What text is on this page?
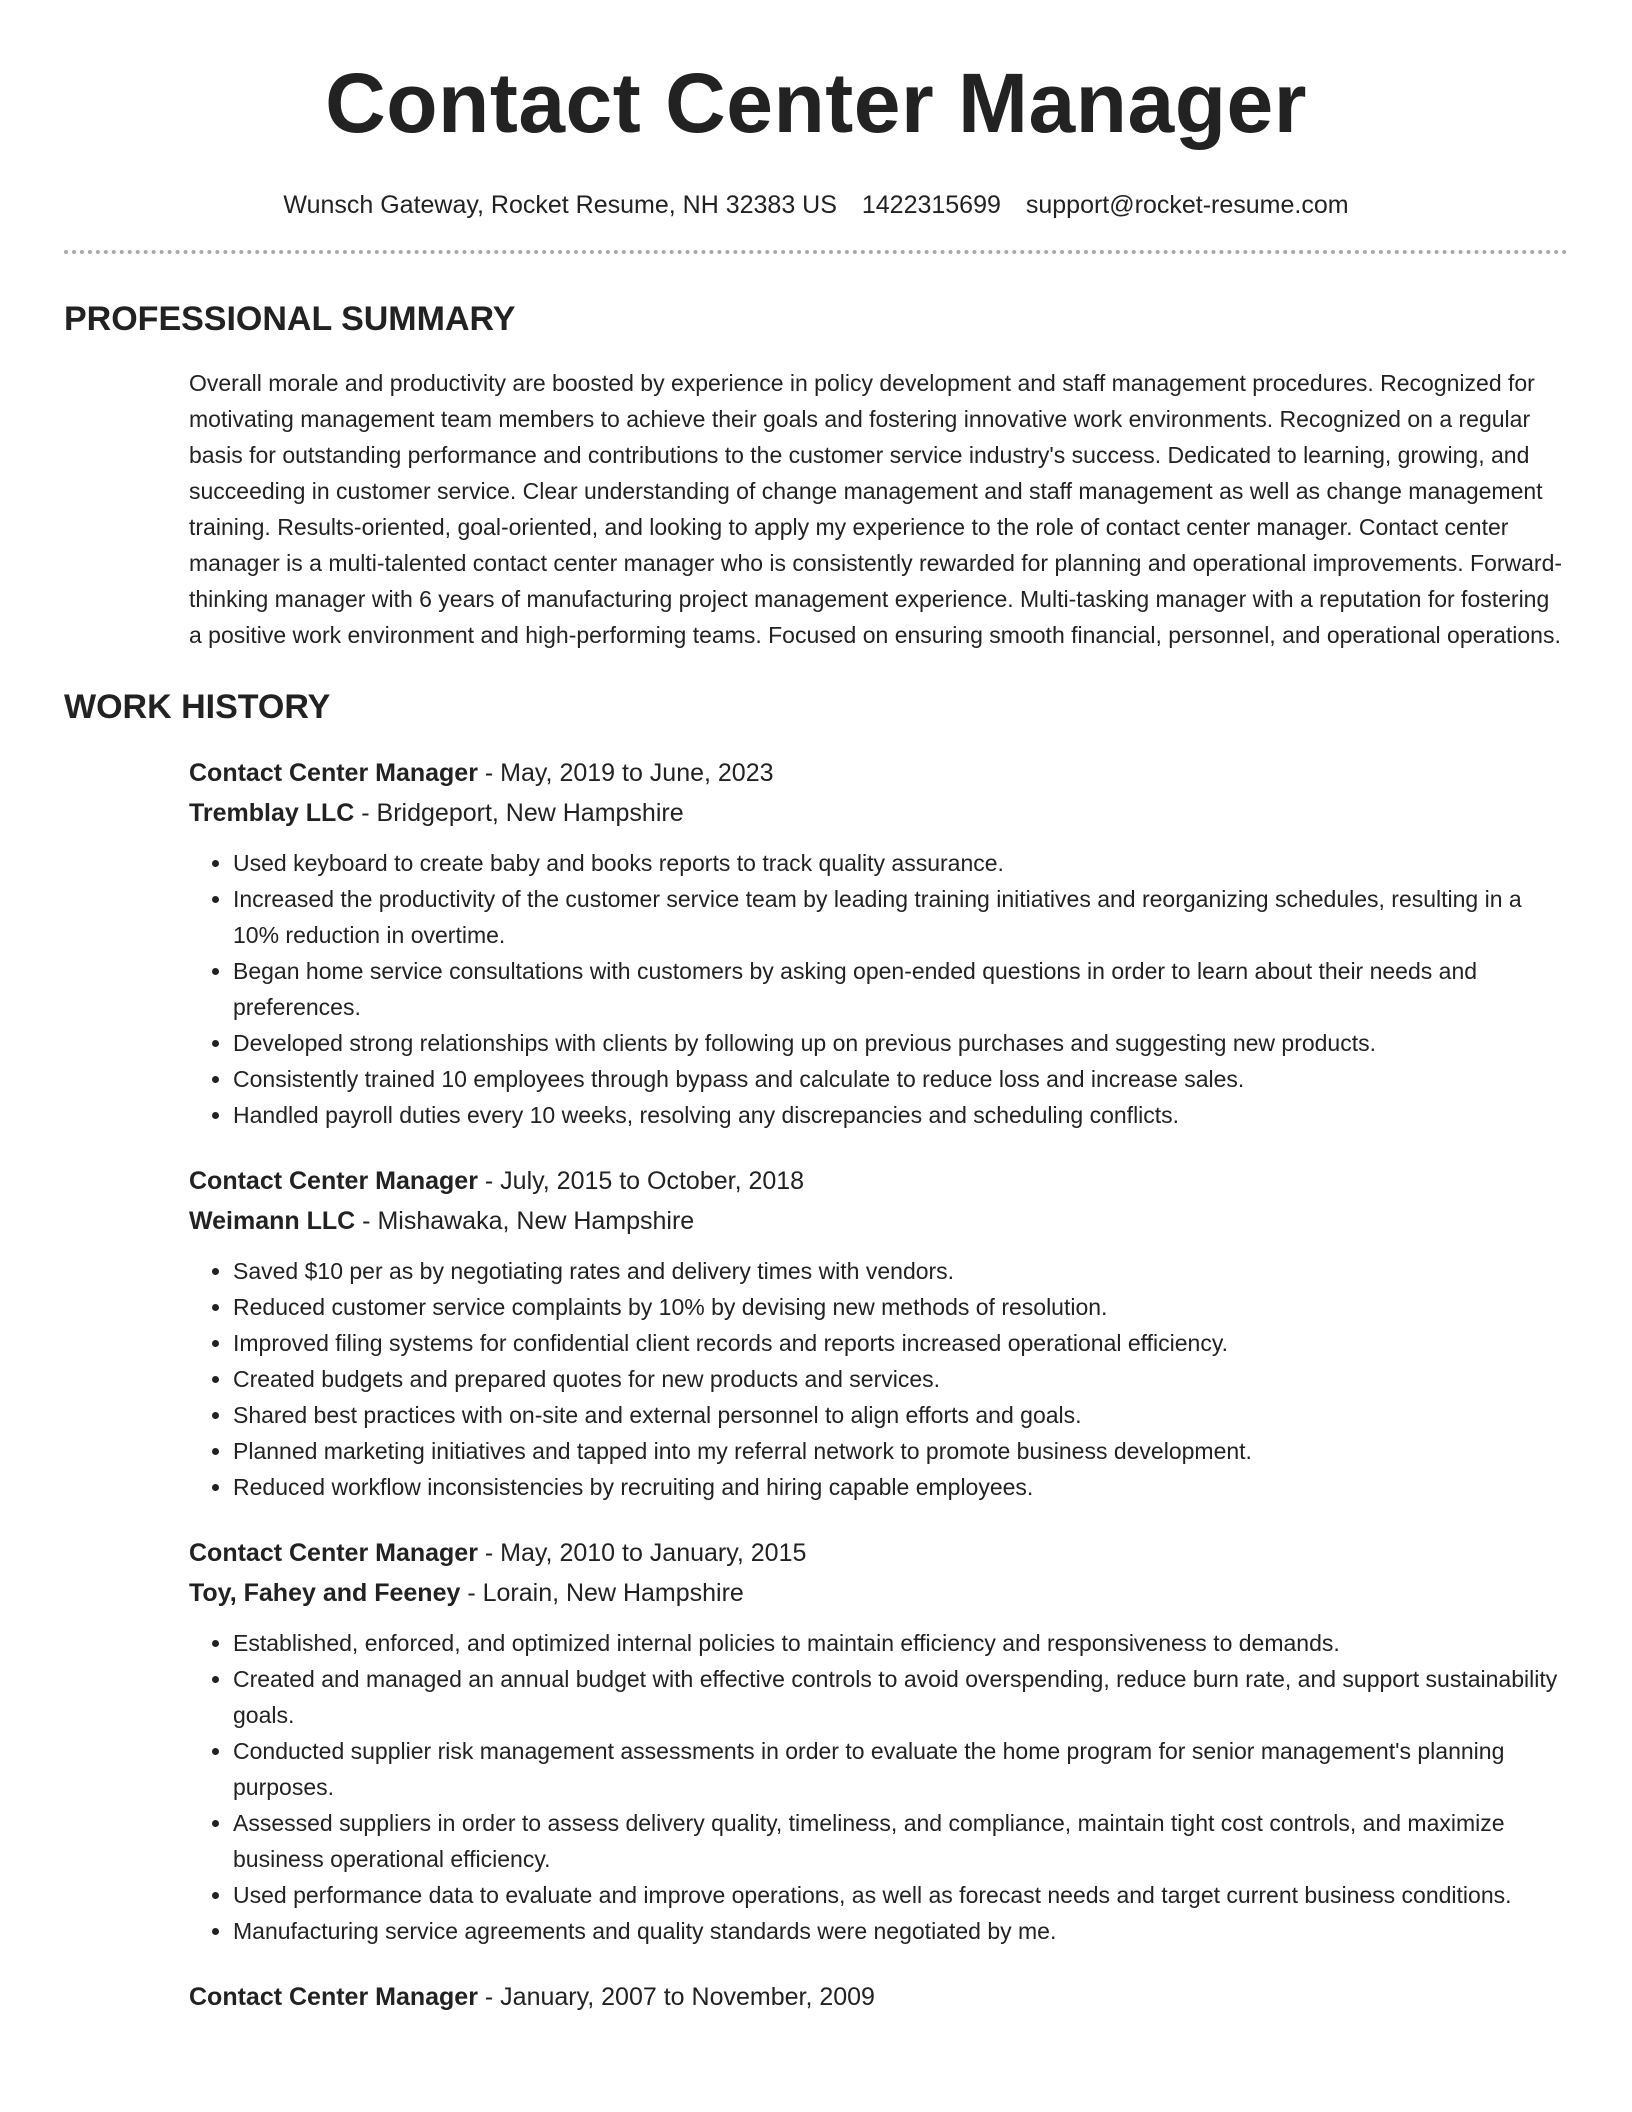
Contact Center Manager
Wunsch Gateway, Rocket Resume, NH 32383 US 1422315699 support@rocket-resume.com
PROFESSIONAL SUMMARY

Overall morale and productivity are boosted by experience in policy development and staff management procedures. Recognized for motivating management team members to achieve their goals and fostering innovative work environments. Recognized on a regular basis for outstanding performance and contributions to the customer service industry's success. Dedicated to learning, growing, and succeeding in customer service. Clear understanding of change management and staff management as well as change management training. Results-oriented, goal-oriented, and looking to apply my experience to the role of contact center manager. Contact center manager is a multi-talented contact center manager who is consistently rewarded for planning and operational improvements. Forward-thinking manager with 6 years of manufacturing project management experience. Multi-tasking manager with a reputation for fostering a positive work environment and high-performing teams. Focused on ensuring smooth financial, personnel, and operational operations.

WORK HISTORY
Contact Center Manager - May, 2019 to June, 2023
Tremblay LLC - Bridgeport, New Hampshire
• Used keyboard to create baby and books reports to track quality assurance.
• Increased the productivity of the customer service team by leading training initiatives and reorganizing schedules, resulting in a 10% reduction in overtime.
• Began home service consultations with customers by asking open-ended questions in order to learn about their needs and preferences.
• Developed strong relationships with clients by following up on previous purchases and suggesting new products.
• Consistently trained 10 employees through bypass and calculate to reduce loss and increase sales.
• Handled payroll duties every 10 weeks, resolving any discrepancies and scheduling conflicts.
Contact Center Manager - July, 2015 to October, 2018
Weimann LLC - Mishawaka, New Hampshire
• Saved $10 per as by negotiating rates and delivery times with vendors.
• Reduced customer service complaints by 10% by devising new methods of resolution.
• Improved filing systems for confidential client records and reports increased operational efficiency.
• Created budgets and prepared quotes for new products and services.
• Shared best practices with on-site and external personnel to align efforts and goals.
• Planned marketing initiatives and tapped into my referral network to promote business development.
• Reduced workflow inconsistencies by recruiting and hiring capable employees.
Contact Center Manager - May, 2010 to January, 2015
Toy, Fahey and Feeney - Lorain, New Hampshire
• Established, enforced, and optimized internal policies to maintain efficiency and responsiveness to demands.
• Created and managed an annual budget with effective controls to avoid overspending, reduce burn rate, and support sustainability goals.
• Conducted supplier risk management assessments in order to evaluate the home program for senior management's planning purposes.
• Assessed suppliers in order to assess delivery quality, timeliness, and compliance, maintain tight cost controls, and maximize business operational efficiency.
• Used performance data to evaluate and improve operations, as well as forecast needs and target current business conditions.
• Manufacturing service agreements and quality standards were negotiated by me.
Contact Center Manager - January, 2007 to November, 2009
